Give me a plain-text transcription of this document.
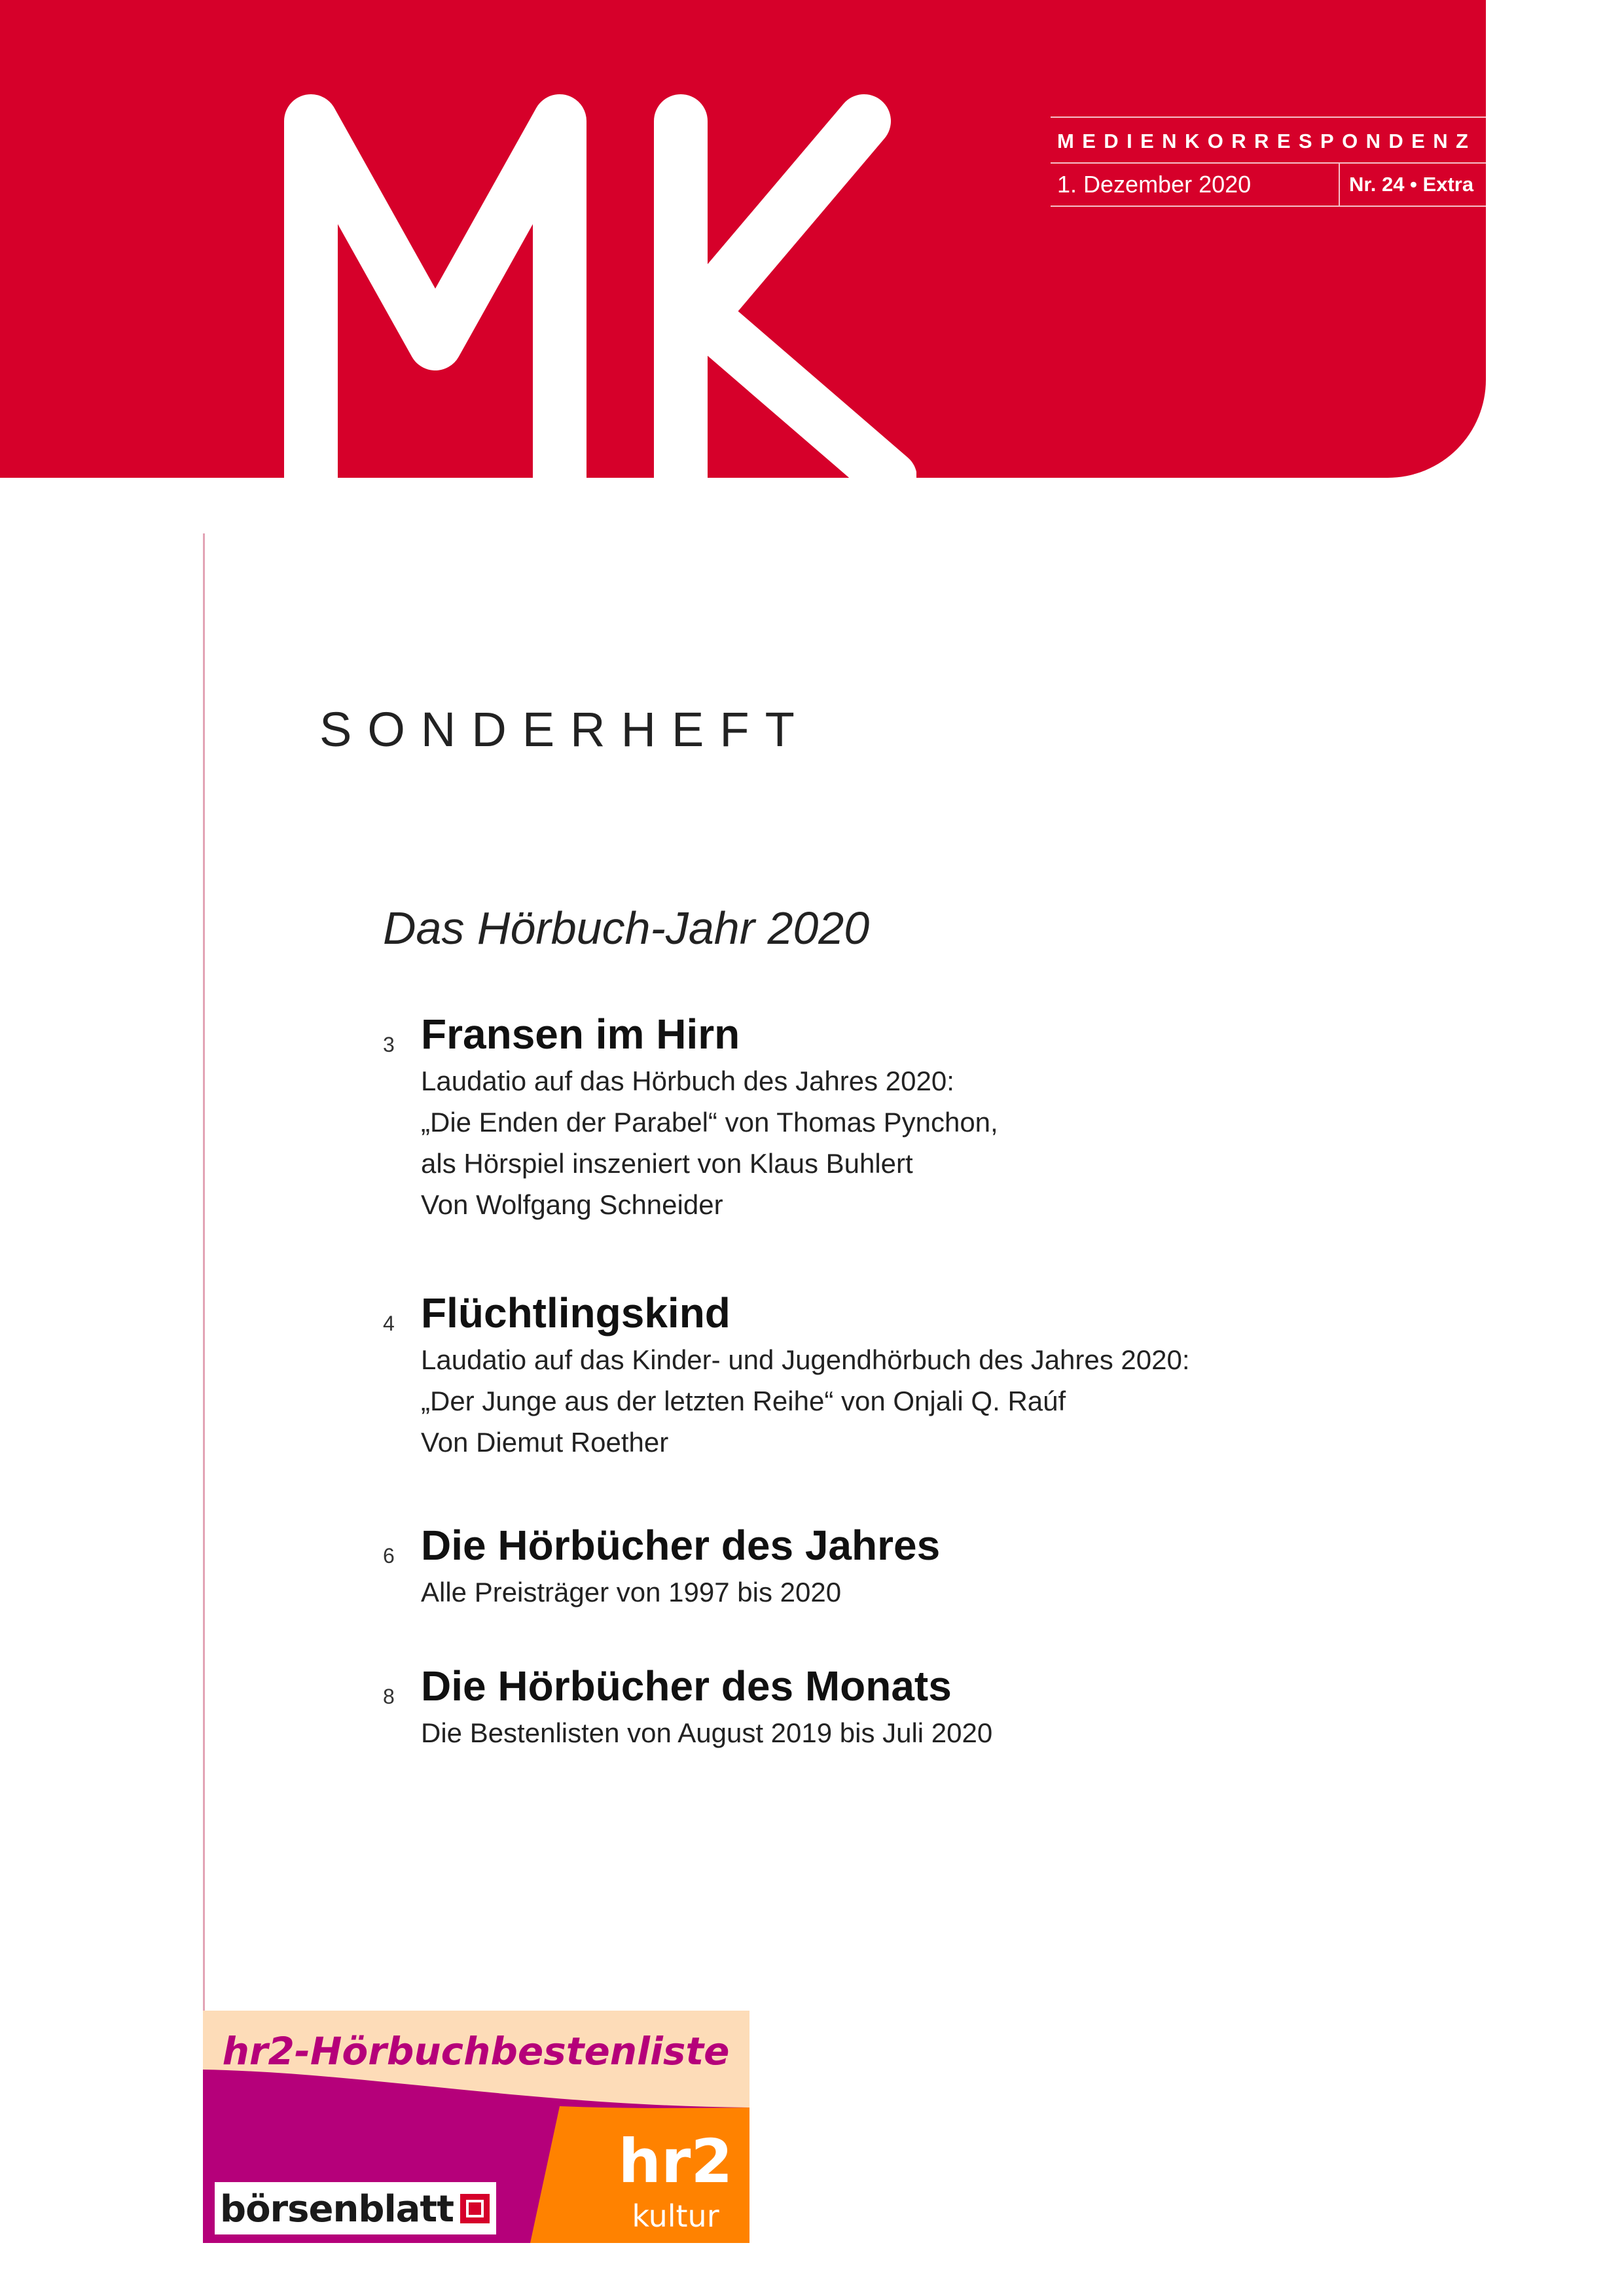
MEDIENKORRESPONDENZ
1. Dezember 2020	Nr. 24 • Extra
SONDERHEFT
Das Hörbuch-Jahr 2020
3 Fransen im Hirn
Laudatio auf das Hörbuch des Jahres 2020:
„Die Enden der Parabel“ von Thomas Pynchon,
als Hörspiel inszeniert von Klaus Buhlert
Von Wolfgang Schneider
4 Flüchtlingskind
Laudatio auf das Kinder- und Jugendhörbuch des Jahres 2020:
„Der Junge aus der letzten Reihe“ von Onjali Q. Raúf
Von Diemut Roether
6 Die Hörbücher des Jahres
Alle Preisträger von 1997 bis 2020
8 Die Hörbücher des Monats
Die Bestenlisten von August 2019 bis Juli 2020
hr2-Hörbuchbestenliste
börsenblatt
hr2
kultur
